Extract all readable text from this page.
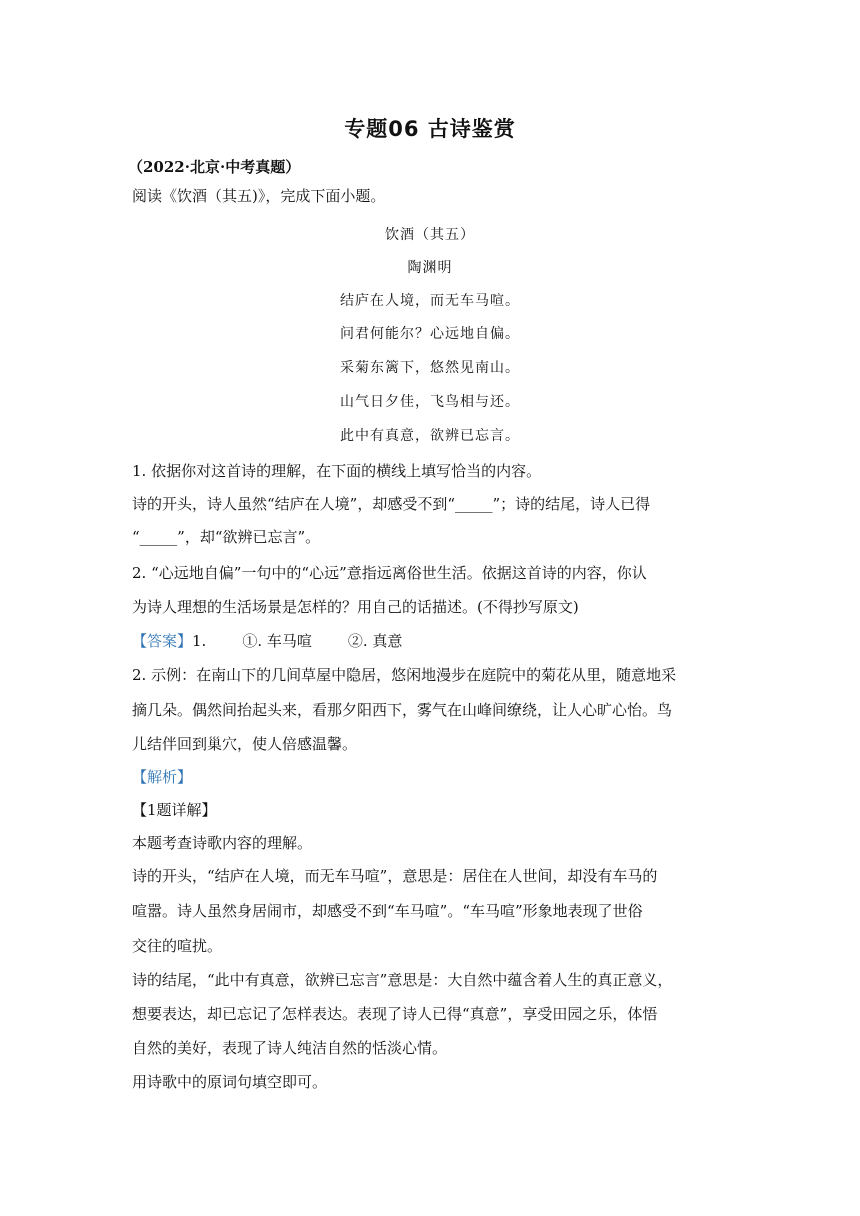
专题06 古诗鉴赏
（2022·北京·中考真题）
阅读《饮酒（其五)》，完成下面小题。
饮酒（其五）
陶渊明
结庐在人境，而无车马喧。
问君何能尔？心远地自偏。
采菊东篱下，悠然见南山。
山气日夕佳，飞鸟相与还。
此中有真意，欲辨已忘言。
1. 依据你对这首诗的理解，在下面的横线上填写恰当的内容。
诗的开头，诗人虽然“结庐在人境”，却感受不到“_____”；诗的结尾，诗人已得
“_____”，却“欲辨已忘言”。
2. “心远地自偏”一句中的“心远”意指远离俗世生活。依据这首诗的内容，你认
为诗人理想的生活场景是怎样的？用自己的话描述。(不得抄写原文)
【答案】1. ①. 车马喧 ②. 真意
2. 示例：在南山下的几间草屋中隐居，悠闲地漫步在庭院中的菊花从里，随意地采
摘几朵。偶然间抬起头来，看那夕阳西下，雾气在山峰间缭绕，让人心旷心怡。鸟
儿结伴回到巢穴，使人倍感温馨。
【解析】
【1题详解】
本题考查诗歌内容的理解。
诗的开头，“结庐在人境，而无车马喧”，意思是：居住在人世间，却没有车马的
喧嚣。诗人虽然身居闹市，却感受不到“车马喧”。“车马喧”形象地表现了世俗
交往的喧扰。
诗的结尾，“此中有真意，欲辨已忘言”意思是：大自然中蕴含着人生的真正意义，
想要表达，却已忘记了怎样表达。表现了诗人已得“真意”，享受田园之乐，体悟
自然的美好，表现了诗人纯洁自然的恬淡心情。
用诗歌中的原词句填空即可。
